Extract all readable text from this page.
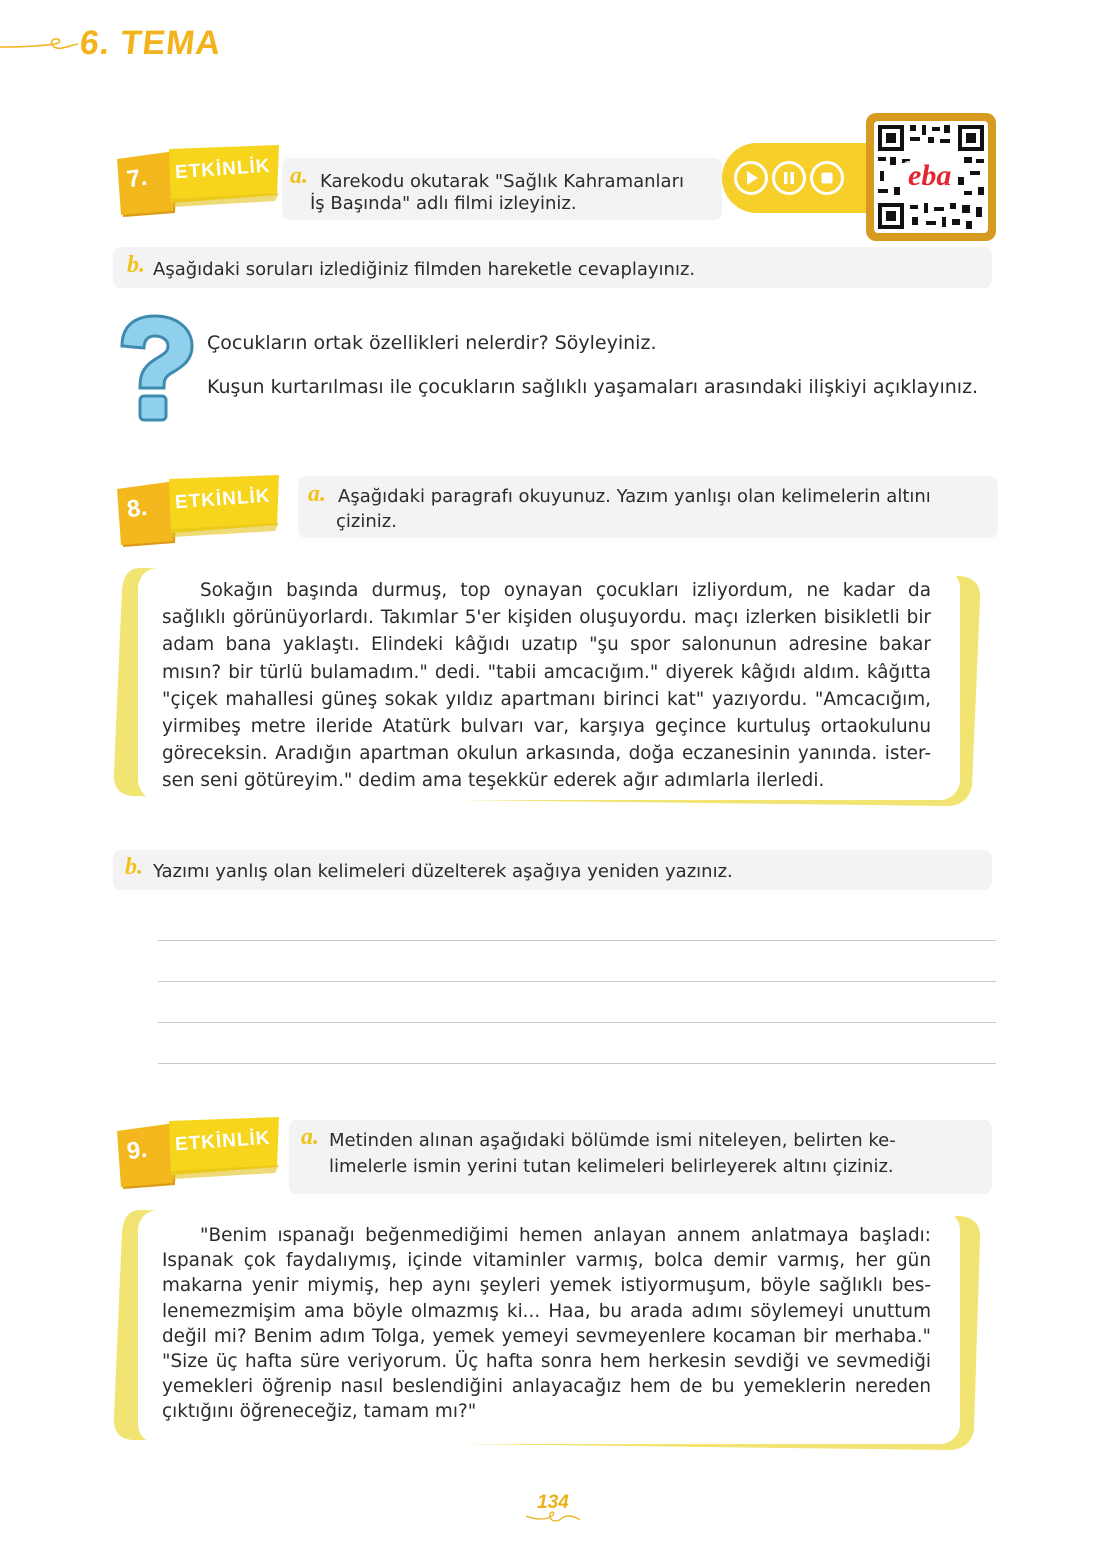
6. TEMA
7. ETKİNLİK a. Karekodu okutarak "Sağlık Kahramanları
İş Başında" adlı filmi izleyiniz.
eba
b. Aşağıdaki soruları izlediğiniz filmden hareketle cevaplayınız.
Çocukların ortak özellikleri nelerdir? Söyleyiniz.
Kuşun kurtarılması ile çocukların sağlıklı yaşamaları arasındaki ilişkiyi açıklayınız.
8. ETKİNLİK a. Aşağıdaki paragrafı okuyunuz. Yazım yanlışı olan kelimelerin altını
çiziniz.
Sokağın başında durmuş, top oynayan çocukları izliyordum, ne kadar da sağlıklı görünüyorlardı. Takımlar 5'er kişiden oluşuyordu. maçı izlerken bisikletli bir adam bana yaklaştı. Elindeki kâğıdı uzatıp "şu spor salonunun adresine bakar mısın? bir türlü bulamadım." dedi. "tabii amcacığım." diyerek kâğıdı aldım. kâğıtta "çiçek mahallesi güneş sokak yıldız apartmanı birinci kat" yazıyordu. "Amcacığım, yirmibeş metre ileride Atatürk bulvarı var, karşıya geçince kurtuluş ortaokulunu göreceksin. Aradığın apartman okulun arkasında, doğa eczanesinin yanında. ister-sen seni götüreyim." dedim ama teşekkür ederek ağır adımlarla ilerledi.
b. Yazımı yanlış olan kelimeleri düzelterek aşağıya yeniden yazınız.
9. ETKİNLİK a. Metinden alınan aşağıdaki bölümde ismi niteleyen, belirten ke-
limelerle ismin yerini tutan kelimeleri belirleyerek altını çiziniz.
"Benim ıspanağı beğenmediğimi hemen anlayan annem anlatmaya başladı: Ispanak çok faydalıymış, içinde vitaminler varmış, bolca demir varmış, her gün makarna yenir miymiş, hep aynı şeyleri yemek istiyormuşum, böyle sağlıklı bes-lenemezmişim ama böyle olmazmış ki... Haa, bu arada adımı söylemeyi unuttum değil mi? Benim adım Tolga, yemek yemeyi sevmeyenlere kocaman bir merhaba." "Size üç hafta süre veriyorum. Üç hafta sonra hem herkesin sevdiği ve sevmediği yemekleri öğrenip nasıl beslendiğini anlayacağız hem de bu yemeklerin nereden çıktığını öğreneceğiz, tamam mı?"
134
